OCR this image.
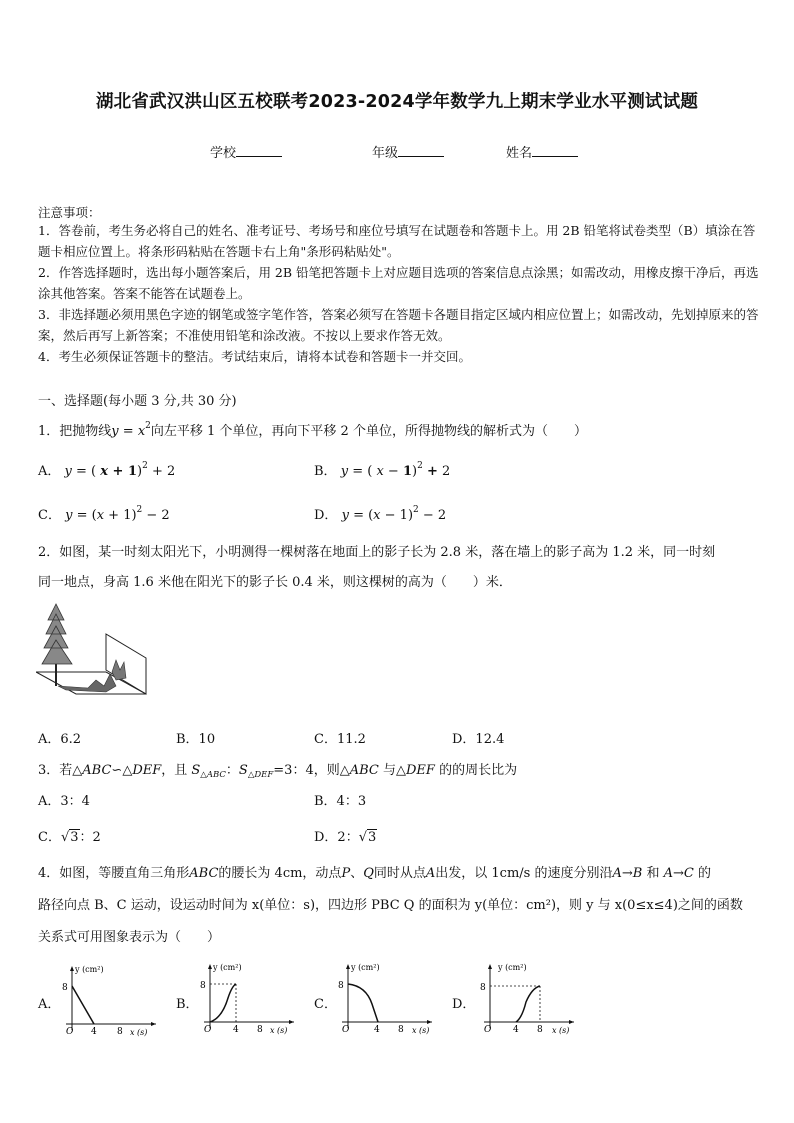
湖北省武汉洪山区五校联考2023-2024学年数学九上期末学业水平测试试题
学校	年级	姓名
注意事项：
1．答卷前，考生务必将自己的姓名、准考证号、考场号和座位号填写在试题卷和答题卡上。用 2B 铅笔将试卷类型（B）填涂在答题卡相应位置上。将条形码粘贴在答题卡右上角"条形码粘贴处"。
2．作答选择题时，选出每小题答案后，用 2B 铅笔把答题卡上对应题目选项的答案信息点涂黑；如需改动，用橡皮擦干净后，再选涂其他答案。答案不能答在试题卷上。
3．非选择题必须用黑色字迹的钢笔或签字笔作答，答案必须写在答题卡各题目指定区域内相应位置上；如需改动，先划掉原来的答案，然后再写上新答案；不准使用铅笔和涂改液。不按以上要求作答无效。
4．考生必须保证答题卡的整洁。考试结束后，请将本试卷和答题卡一并交回。
一、选择题(每小题 3 分,共 30 分)
1．把抛物线$y = x^2$向左平移 1 个单位，再向下平移 2 个单位，所得抛物线的解析式为（　　）
A． y = ( x + 1)$^2$ + 2	B． y = ( x − 1)$^2$ + 2
C． $y = (x + 1)^2 - 2$	D． $y = (x - 1)^2 - 2$
2．如图，某一时刻太阳光下，小明测得一棵树落在地面上的影子长为 2.8 米，落在墙上的影子高为 1.2 米，同一时刻
同一地点，身高 1.6 米他在阳光下的影子长 0.4 米，则这棵树的高为（　　）米．
A．6.2	B．10	C．11.2	D．12.4
3．若△ABC∽△DEF，且 $S_{\triangle ABC}$：$S_{\triangle DEF}=3$：4，则△ABC 与△DEF 的的周长比为
A．3：4	B．4：3
C．√3：2	D．2：√3
4．如图，等腰直角三角形ABC的腰长为 4cm，动点P、Q同时从点A出发，以 1cm/s 的速度分别沿A→B 和 A→C 的
路径向点 B、C 运动，设运动时间为 x(单位：s)，四边形 PBC Q 的面积为 y(单位：cm²)，则 y 与 x(0≤x≤4)之间的函数
关系式可用图象表示为（　　）
A．	B．	C．	D．
y (cm²)
8
O 4 8 x (s)
y (cm²)
8
O 4 8 x (s)
y (cm²)
8
O	4 8 x (s)
y (cm²)
8
O 4 8 x (s)
